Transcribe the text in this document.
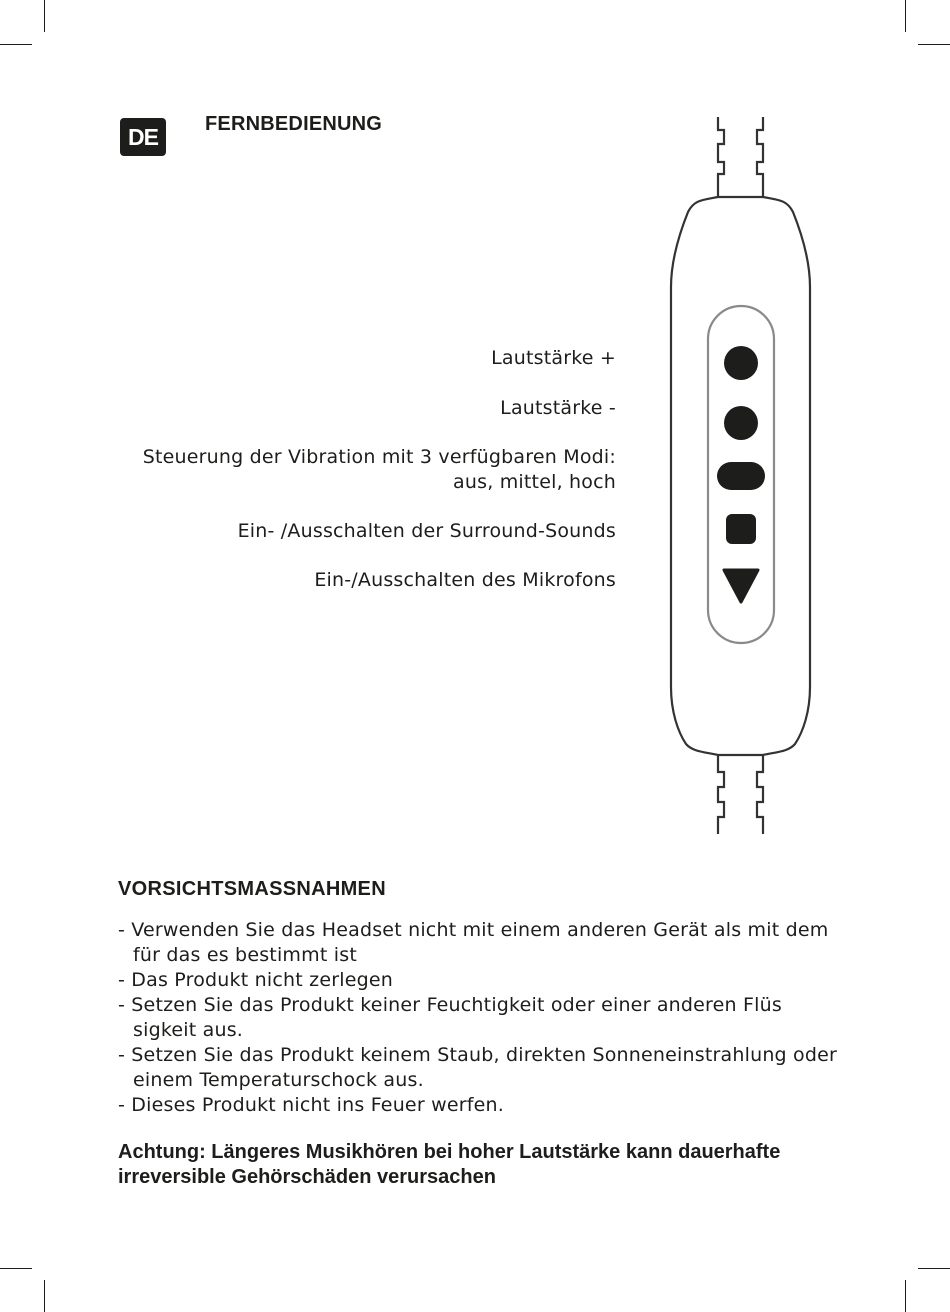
DE	FERNBEDIENUNG
Lautstärke +
Lautstärke -
Steuerung der Vibration mit 3 verfügbaren Modi:
aus, mittel, hoch
Ein- /Ausschalten der Surround-Sounds
Ein-/Ausschalten des Mikrofons
VORSICHTSMASSNAHMEN
- Verwenden Sie das Headset nicht mit einem anderen Gerät als mit dem für das es bestimmt ist
- Das Produkt nicht zerlegen
- Setzen Sie das Produkt keiner Feuchtigkeit oder einer anderen Flüs sigkeit aus.
- Setzen Sie das Produkt keinem Staub, direkten Sonneneinstrahlung oder einem Temperaturschock aus.
- Dieses Produkt nicht ins Feuer werfen.
Achtung: Längeres Musikhören bei hoher Lautstärke kann dauerhafte irreversible Gehörschäden verursachen
